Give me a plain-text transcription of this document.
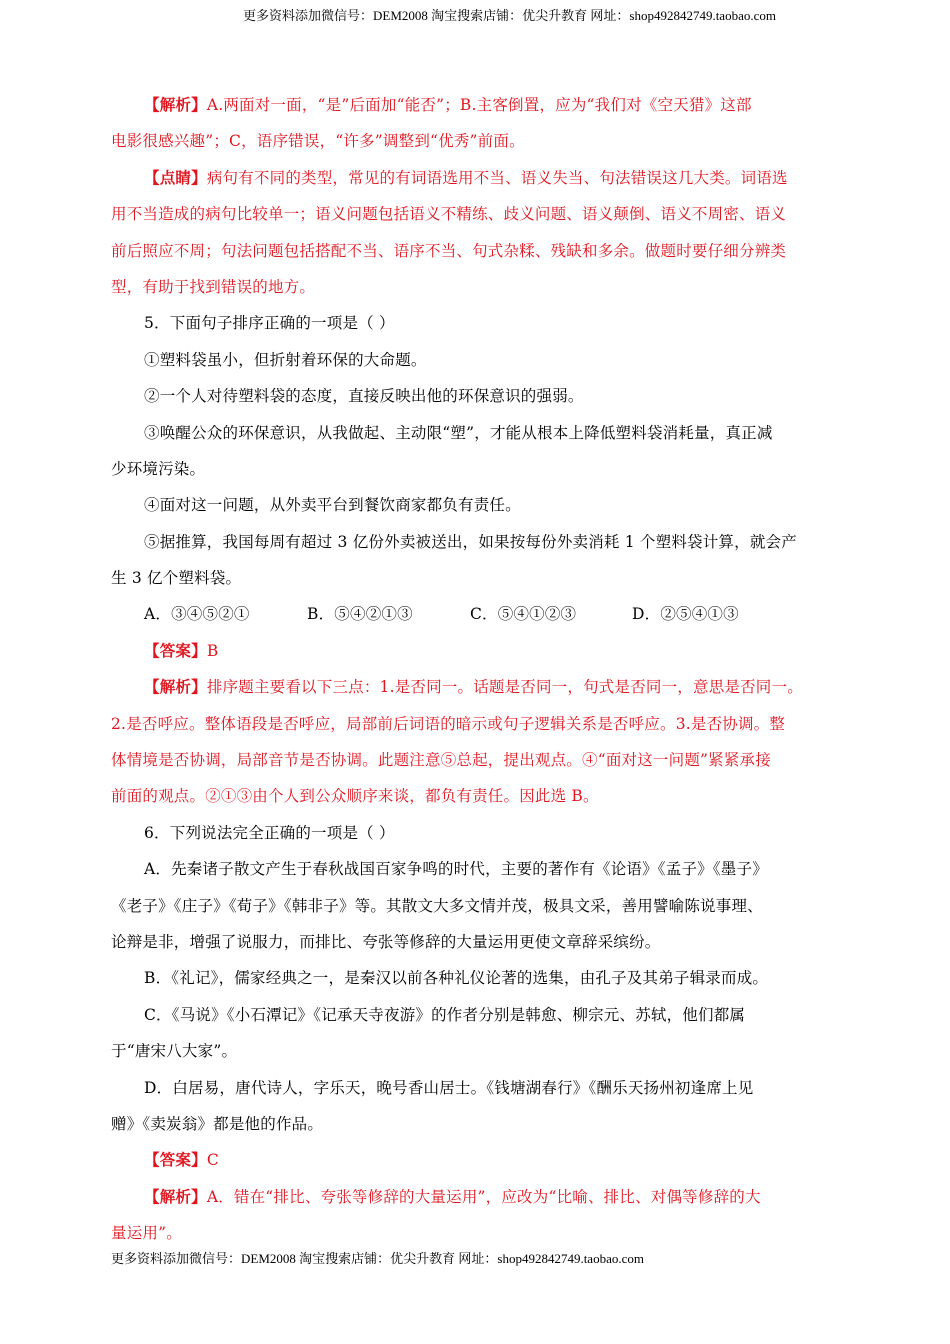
更多资料添加微信号：DEM2008 淘宝搜索店铺：优尖升教育 网址：shop492842749.taobao.com
【解析】A.两面对一面，“是”后面加“能否”；B.主客倒置，应为“我们对《空天猎》这部
电影很感兴趣”；C，语序错误，“许多”调整到“优秀”前面。
【点睛】病句有不同的类型，常见的有词语选用不当、语义失当、句法错误这几大类。词语选
用不当造成的病句比较单一；语义问题包括语义不精练、歧义问题、语义颠倒、语义不周密、语义
前后照应不周；句法问题包括搭配不当、语序不当、句式杂糅、残缺和多余。做题时要仔细分辨类
型，有助于找到错误的地方。
5．下面句子排序正确的一项是（ ）
①塑料袋虽小，但折射着环保的大命题。
②一个人对待塑料袋的态度，直接反映出他的环保意识的强弱。
③唤醒公众的环保意识，从我做起、主动限“塑”，才能从根本上降低塑料袋消耗量，真正减
少环境污染。
④面对这一问题，从外卖平台到餐饮商家都负有责任。
⑤据推算，我国每周有超过 3 亿份外卖被送出，如果按每份外卖消耗 1 个塑料袋计算，就会产
生 3 亿个塑料袋。
A．③④⑤②①	B．⑤④②①③	C．⑤④①②③	D．②⑤④①③
【答案】B
【解析】排序题主要看以下三点：1.是否同一。话题是否同一，句式是否同一，意思是否同一。
2.是否呼应。整体语段是否呼应，局部前后词语的暗示或句子逻辑关系是否呼应。3.是否协调。整
体情境是否协调，局部音节是否协调。此题注意⑤总起，提出观点。④“面对这一问题”紧紧承接
前面的观点。②①③由个人到公众顺序来谈，都负有责任。因此选 B。
6．下列说法完全正确的一项是（ ）
A．先秦诸子散文产生于春秋战国百家争鸣的时代，主要的著作有《论语》《孟子》《墨子》
《老子》《庄子》《荀子》《韩非子》等。其散文大多文情并茂，极具文采，善用譬喻陈说事理、
论辩是非，增强了说服力，而排比、夸张等修辞的大量运用更使文章辞采缤纷。
B．《礼记》，儒家经典之一，是秦汉以前各种礼仪论著的选集，由孔子及其弟子辑录而成。
C．《马说》《小石潭记》《记承天寺夜游》的作者分别是韩愈、柳宗元、苏轼，他们都属
于“唐宋八大家”。
D．白居易，唐代诗人，字乐天，晚号香山居士。《钱塘湖春行》《酬乐天扬州初逢席上见
赠》《卖炭翁》都是他的作品。
【答案】C
【解析】A．错在“排比、夸张等修辞的大量运用”，应改为“比喻、排比、对偶等修辞的大
量运用”。
更多资料添加微信号：DEM2008 淘宝搜索店铺：优尖升教育 网址：shop492842749.taobao.com
